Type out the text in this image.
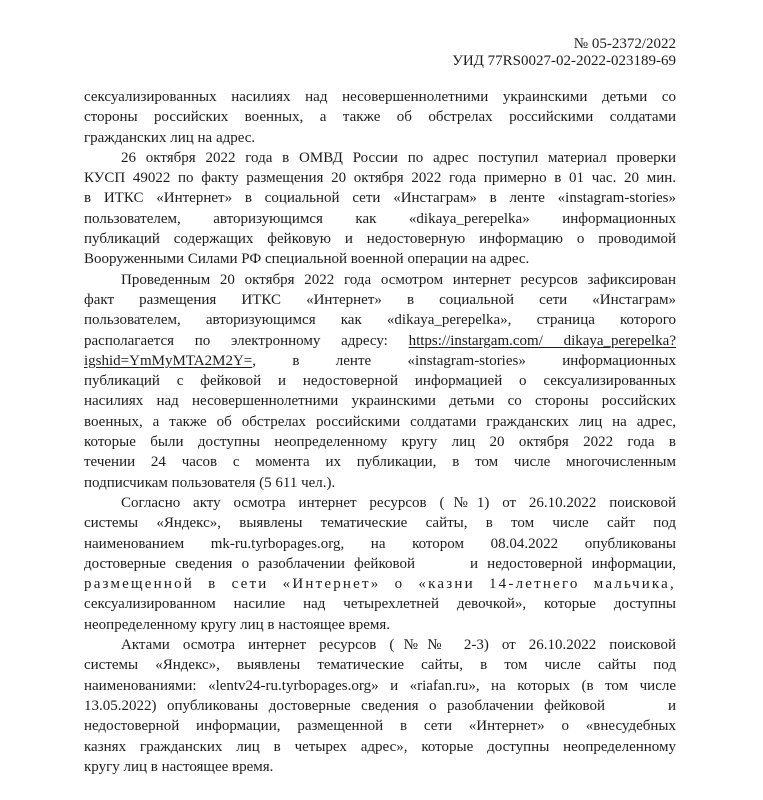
№ 05-2372/2022
УИД 77RS0027-02-2022-023189-69
сексуализированных насилиях над несовершеннолетними украинскими детьми со
стороны российских военных, а также об обстрелах российскими солдатами
гражданских лиц на адрес.
26 октября 2022 года в ОМВД России по адрес поступил материал проверки
КУСП 49022 по факту размещения 20 октября 2022 года примерно в 01 час. 20 мин.
в ИТКС «Интернет» в социальной сети «Инстаграм» в ленте «instagram-stories»
пользователем, авторизующимся как «dikaya_perepelka» информационных
публикаций содержащих фейковую и недостоверную информацию о проводимой
Вооруженными Силами РФ специальной военной операции на адрес.
Проведенным 20 октября 2022 года осмотром интернет ресурсов зафиксирован
факт размещения ИТКС «Интернет» в социальной сети «Инстаграм»
пользователем, авторизующимся как «dikaya_perepelka», страница которого
располагается по электронному адресу: https://instargam.com/ dikaya_perepelka?
igshid=YmMyMTA2M2Y=, в ленте «instagram-stories» информационных
публикаций с фейковой и недостоверной информацией о сексуализированных
насилиях над несовершеннолетними украинскими детьми со стороны российских
военных, а также об обстрелах российскими солдатами гражданских лиц на адрес,
которые были доступны неопределенному кругу лиц 20 октября 2022 года в
течении 24 часов с момента их публикации, в том числе многочисленным
подписчикам пользователя (5 611 чел.).
Согласно акту осмотра интернет ресурсов (№1) от 26.10.2022 поисковой
системы «Яндекс», выявлены тематические сайты, в том числе сайт под
наименованием mk-ru.tyrbopages.org, на котором 08.04.2022 опубликованы
достоверные сведения о разоблачении фейковой      и недостоверной информации,
размещенной в сети «Интернет» о «казни 14-летнего мальчика,
сексуализированном насилие над четырехлетней девочкой», которые доступны
неопределенному кругу лиц в настоящее время.
Актами осмотра интернет ресурсов (№№ 2-3) от 26.10.2022 поисковой
системы «Яндекс», выявлены тематические сайты, в том числе сайты под
наименованиями: «lentv24-ru.tyrbopages.org» и «riafan.ru», на которых (в том числе
13.05.2022) опубликованы достоверные сведения о разоблачении фейковой      и
недостоверной информации, размещенной в сети «Интернет» о «внесудебных
казнях гражданских лиц в четырех адрес», которые доступны неопределенному
кругу лиц в настоящее время.
